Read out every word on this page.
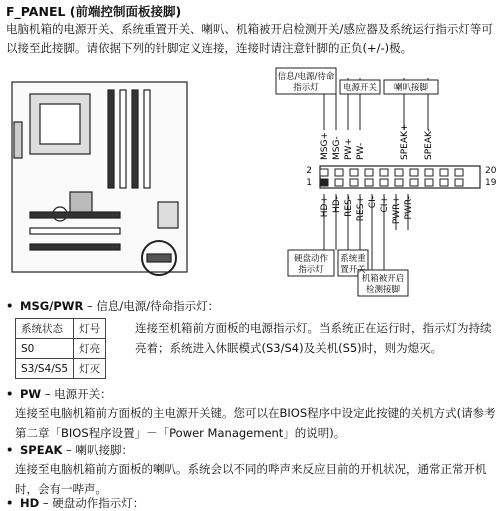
F_PANEL (前端控制面板接脚)
电脑机箱的电源开关、系统重置开关、喇叭、机箱被开启检测开关/感应器及系统运行指示灯等可以接至此接脚。请依据下列的针脚定义连接，连接时请注意针脚的正负(+/-)极。
2
1
20
19
信息/电源/待命
指示灯	电源开关 喇叭接脚
MSG+ MSG- PW+ PW-	SPEAK+ SPEAK-
HD+ HD- RES- RES+ CI- CI+ PWR+ PWR-
硬盘动作
指示灯
系统重
置开关
机箱被开启
检测接脚
• MSG/PWR – 信息/电源/待命指示灯：
系统状态	灯号
S0	灯亮
S3/S4/S5	灯灭
连接至机箱前方面板的电源指示灯。当系统正在运行时，指示灯为持续亮着；系统进入休眠模式(S3/S4)及关机(S5)时，则为熄灭。
• PW – 电源开关：
连接至电脑机箱前方面板的主电源开关键。您可以在BIOS程序中设定此按键的关机方式(请参考第二章「BIOS程序设置」－「Power Management」的说明)。
• SPEAK – 喇叭接脚：
连接至电脑机箱前方面板的喇叭。系统会以不同的哔声来反应目前的开机状况，通常正常开机时，会有一哔声。
• HD – 硬盘动作指示灯：
